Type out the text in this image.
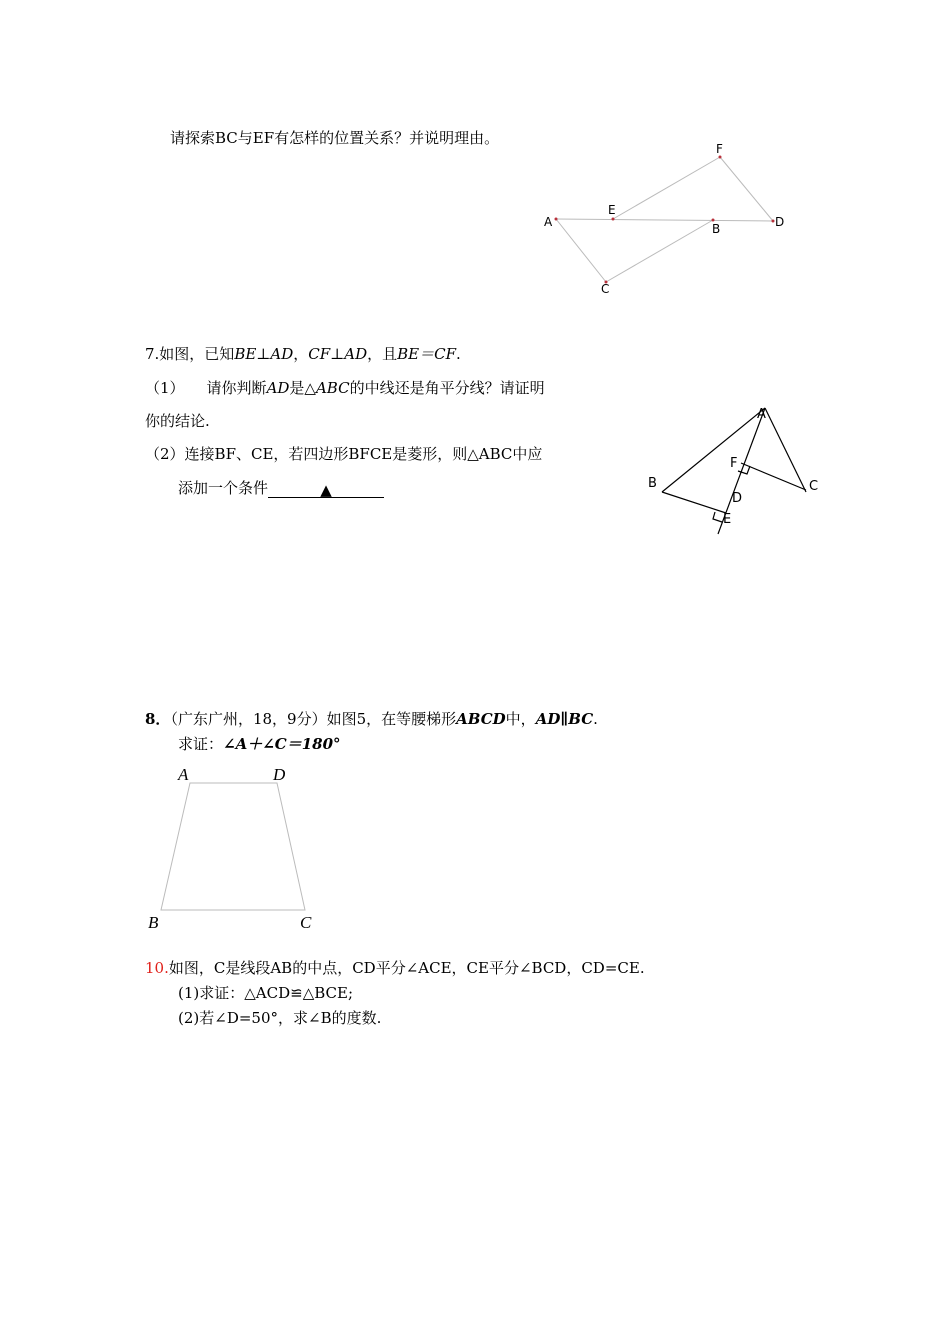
请探索BC与EF有怎样的位置关系？并说明理由。
A
E
B	D
F
C
7.如图，已知BE⊥AD，CF⊥AD，且BE＝CF.
（1） 请你判断AD是△ABC的中线还是角平分线？请证明
你的结论.
（2）连接BF、CE，若四边形BFCE是菱形，则△ABC中应
添加一个条件	▲
A
F
B	C
D
E
8．（广东广州，18，9分）如图5，在等腰梯形ABCD中，AD∥BC.
求证：∠A＋∠C＝180°
A	D
B	C
10.如图，C是线段AB的中点，CD平分∠ACE，CE平分∠BCD，CD=CE.
(1)求证：△ACD≌△BCE;
(2)若∠D=50°，求∠B的度数.
